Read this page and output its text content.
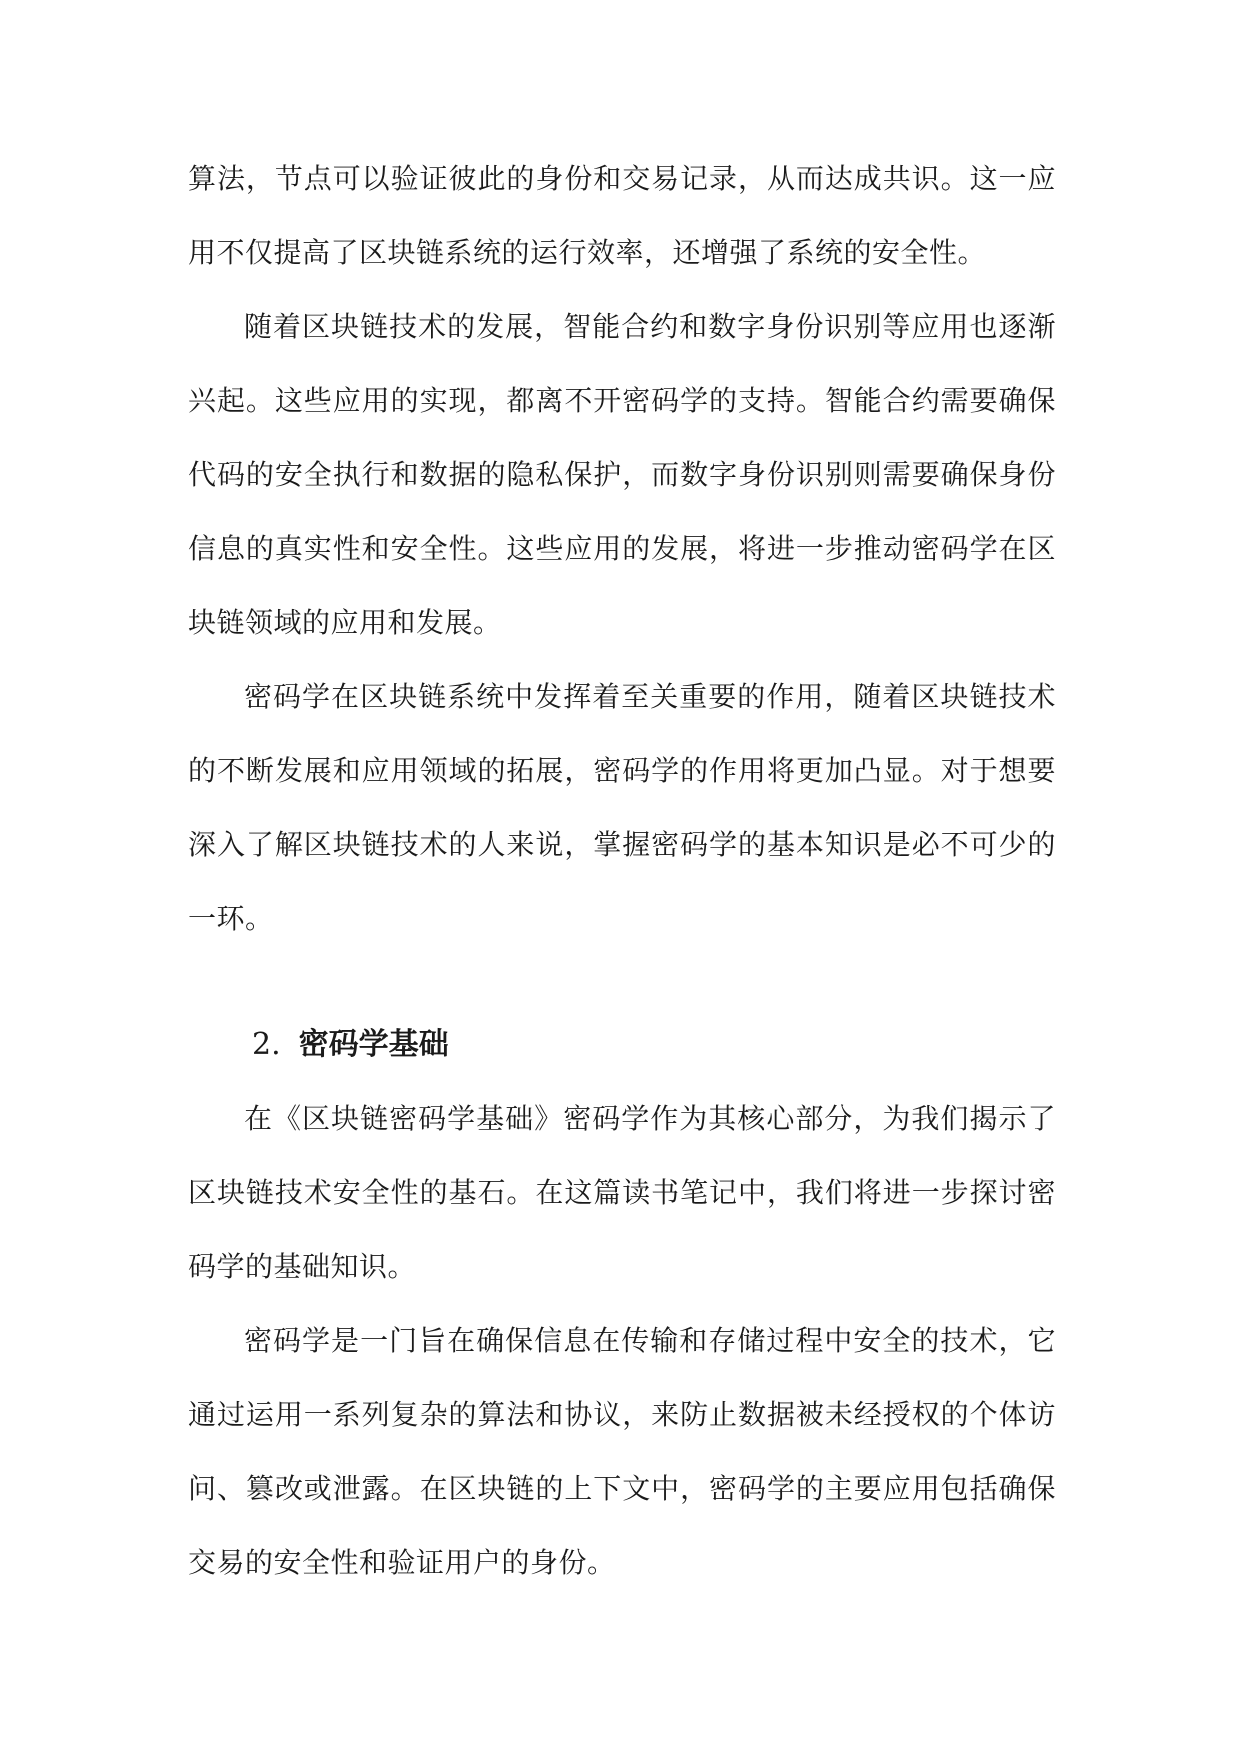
算法，节点可以验证彼此的身份和交易记录，从而达成共识。这一应用不仅提高了区块链系统的运行效率，还增强了系统的安全性。

随着区块链技术的发展，智能合约和数字身份识别等应用也逐渐兴起。这些应用的实现，都离不开密码学的支持。智能合约需要确保代码的安全执行和数据的隐私保护，而数字身份识别则需要确保身份信息的真实性和安全性。这些应用的发展，将进一步推动密码学在区块链领域的应用和发展。

密码学在区块链系统中发挥着至关重要的作用，随着区块链技术的不断发展和应用领域的拓展，密码学的作用将更加凸显。对于想要深入了解区块链技术的人来说，掌握密码学的基本知识是必不可少的一环。

2. 密码学基础

在《区块链密码学基础》密码学作为其核心部分，为我们揭示了区块链技术安全性的基石。在这篇读书笔记中，我们将进一步探讨密码学的基础知识。

密码学是一门旨在确保信息在传输和存储过程中安全的技术，它通过运用一系列复杂的算法和协议，来防止数据被未经授权的个体访问、篡改或泄露。在区块链的上下文中，密码学的主要应用包括确保交易的安全性和验证用户的身份。
